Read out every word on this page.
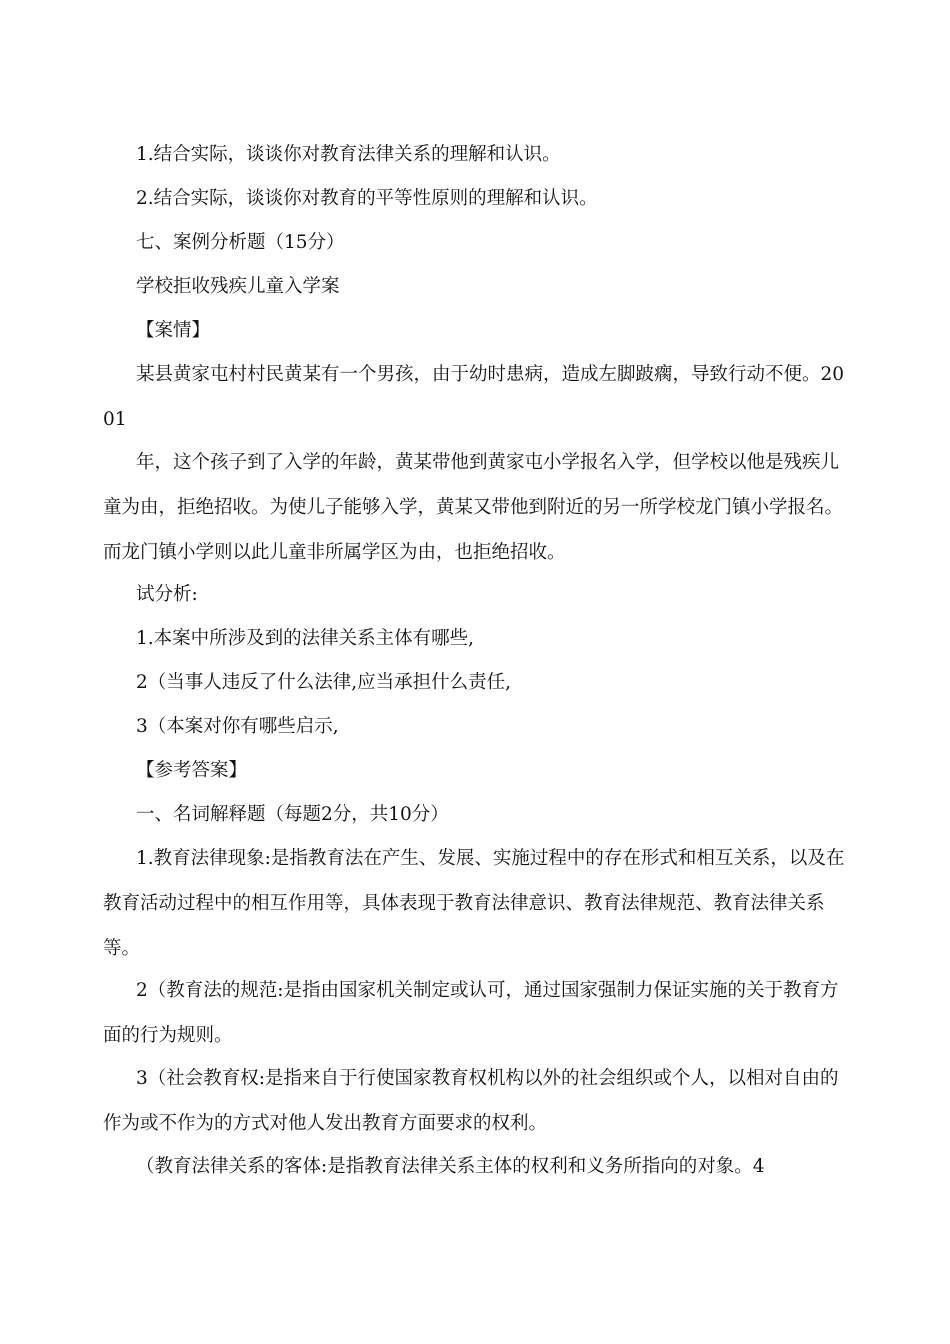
1.结合实际，谈谈你对教育法律关系的理解和认识。

2.结合实际，谈谈你对教育的平等性原则的理解和认识。

七、案例分析题（15分）

学校拒收残疾儿童入学案

【案情】

某县黄家屯村村民黄某有一个男孩，由于幼时患病，造成左脚跛瘸，导致行动不便。2001

年，这个孩子到了入学的年龄，黄某带他到黄家屯小学报名入学，但学校以他是残疾儿童为由，拒绝招收。为使儿子能够入学，黄某又带他到附近的另一所学校龙门镇小学报名。而龙门镇小学则以此儿童非所属学区为由，也拒绝招收。

试分析:

1.本案中所涉及到的法律关系主体有哪些,

2（当事人违反了什么法律,应当承担什么责任,

3（本案对你有哪些启示,

【参考答案】

一、名词解释题（每题2分，共10分）

1.教育法律现象:是指教育法在产生、发展、实施过程中的存在形式和相互关系，以及在教育活动过程中的相互作用等，具体表现于教育法律意识、教育法律规范、教育法律关系等。

2（教育法的规范:是指由国家机关制定或认可，通过国家强制力保证实施的关于教育方面的行为规则。

3（社会教育权:是指来自于行使国家教育权机构以外的社会组织或个人，以相对自由的作为或不作为的方式对他人发出教育方面要求的权利。

（教育法律关系的客体:是指教育法律关系主体的权利和义务所指向的对象。4
